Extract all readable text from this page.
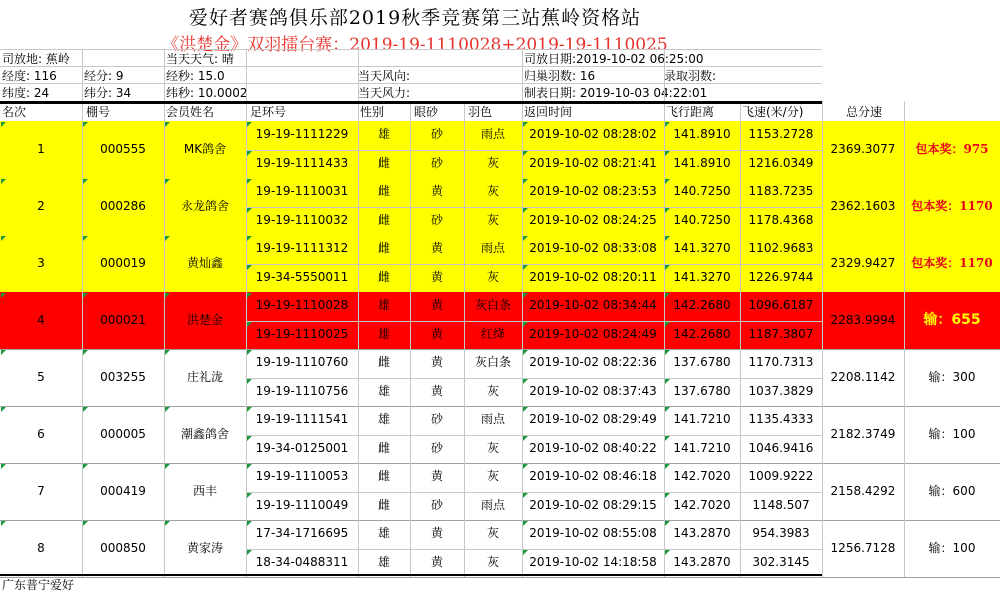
爱好者赛鸽俱乐部2019秋季竞赛第三站蕉岭资格站
《洪楚金》双羽擂台赛：2019-19-1110028+2019-19-1110025
司放地: 蕉岭	当天天气: 晴	司放日期:2019-10-02 06:25:00
经度: 116 经分: 9	经秒: 15.0	当天风向:	归巢羽数: 16	录取羽数:
纬度: 24	纬分: 34	纬秒: 10.0002	当天风力:	制表日期: 2019-10-03 04:22:01
名次	棚号	会员姓名	足环号	性别 眼砂 羽色	返回时间	飞行距离 飞速(米/分)	总分速
1	000555	MK鸽舍	2369.3077	包本奖：975
19-19-1111229	雄	砂	雨点	2019-10-02 08:28:02	141.8910	1153.2728
19-19-1111433	雌	砂	灰	2019-10-02 08:21:41	141.8910	1216.0349
2	000286	永龙鸽舍	2362.1603	包本奖：1170
19-19-1110031	雌	黄	灰	2019-10-02 08:23:53	140.7250	1183.7235
19-19-1110032	雌	砂	灰	2019-10-02 08:24:25	140.7250	1178.4368
3	000019	黄灿鑫	2329.9427	包本奖：1170
19-19-1111312	雌	黄	雨点	2019-10-02 08:33:08	141.3270	1102.9683
19-34-5550011	雌	黄	灰	2019-10-02 08:20:11	141.3270	1226.9744
4	000021	洪楚金	2283.9994	输：655
19-19-1110028	雄	黄	灰白条	2019-10-02 08:34:44	142.2680	1096.6187
19-19-1110025	雄	黄	红绛	2019-10-02 08:24:49	142.2680	1187.3807
5	003255	庄礼泷	2208.1142	输：300
19-19-1110760	雌	黄	灰白条	2019-10-02 08:22:36	137.6780	1170.7313
19-19-1110756	雄	黄	灰	2019-10-02 08:37:43	137.6780	1037.3829
6	000005	潮鑫鸽舍	2182.3749	输：100
19-19-1111541	雄	砂	雨点	2019-10-02 08:29:49	141.7210	1135.4333
19-34-0125001	雌	砂	灰	2019-10-02 08:40:22	141.7210	1046.9416
7	000419	西丰	2158.4292	输：600
19-19-1110053	雌	黄	灰	2019-10-02 08:46:18	142.7020	1009.9222
19-19-1110049	雌	砂	雨点	2019-10-02 08:29:15	142.7020	1148.507
8	000850	黄家涛	1256.7128	输：100
17-34-1716695	雄	黄	灰	2019-10-02 08:55:08	143.2870	954.3983
18-34-0488311	雄	黄	灰	2019-10-02 14:18:58	143.2870	302.3145
广东普宁爱好
